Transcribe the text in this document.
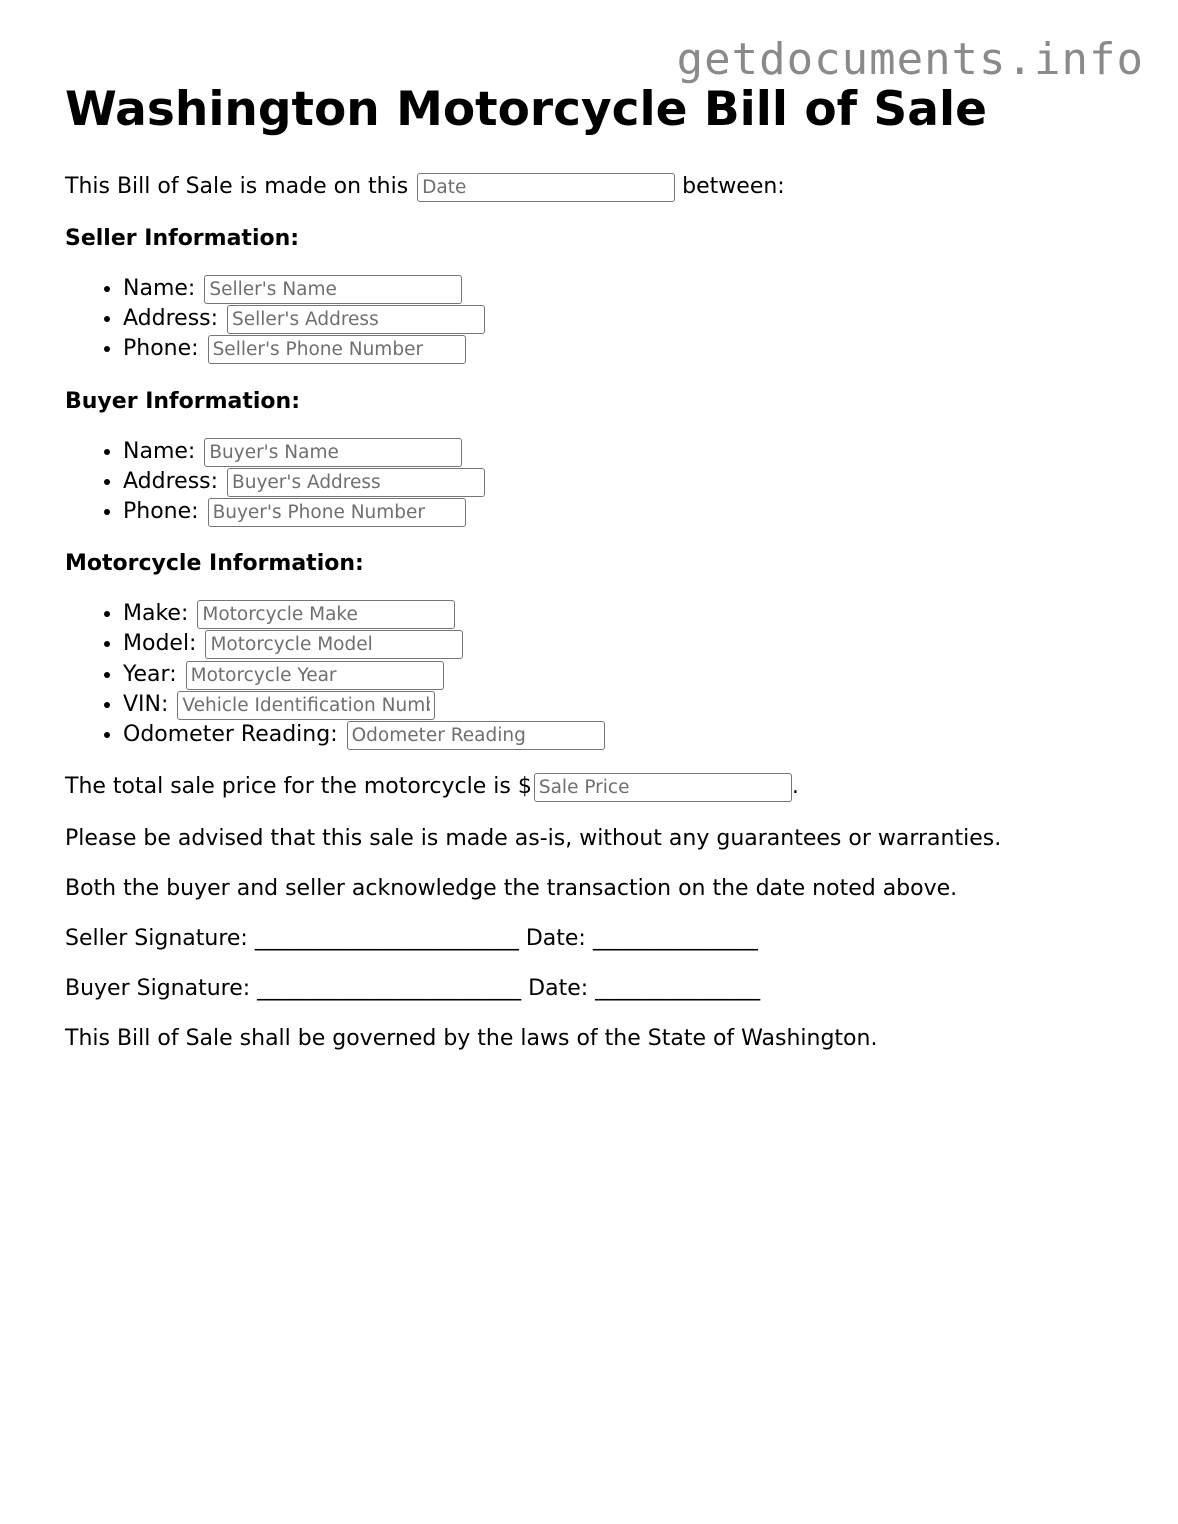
getdocuments.info
Washington Motorcycle Bill of Sale

This Bill of Sale is made on this Date	between:

Seller Information:
• Name: Seller's Name
• Address: Seller's Address
• Phone: Seller's Phone Number
Buyer Information:
• Name: Buyer's Name
• Address: Buyer's Address
• Phone: Buyer's Phone Number
Motorcycle Information:
• Make: Motorcycle Make
• Model: Motorcycle Model
• Year: Motorcycle Year
• VIN: Vehicle Identification Number
• Odometer Reading: Odometer Reading

The total sale price for the motorcycle is $Sale Price	.

Please be advised that this sale is made as-is, without any guarantees or warranties.

Both the buyer and seller acknowledge the transaction on the date noted above.

Seller Signature: ________________________ Date: _______________

Buyer Signature: ________________________ Date: _______________

This Bill of Sale shall be governed by the laws of the State of Washington.
